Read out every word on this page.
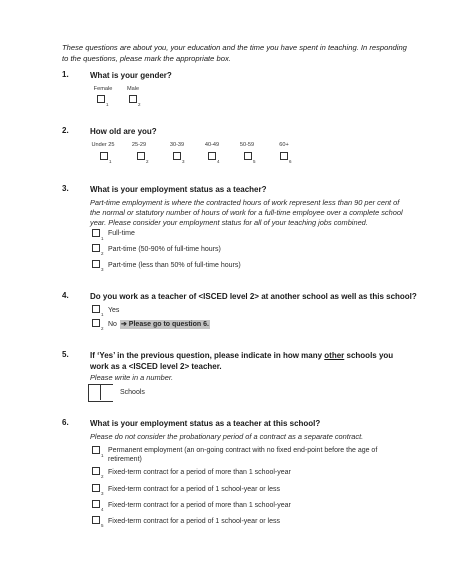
These questions are about you, your education and the time you have spent in teaching. In responding to the questions, please mark the appropriate box.
1.	What is your gender?
Female	Male
1	2
2.	How old are you?
Under 25	25-29	30-39	40-49	50-59	60+
1	2	3	4	5	6
3.	What is your employment status as a teacher?
Part-time employment is where the contracted hours of work represent less than 90 per cent of the normal or statutory number of hours of work for a full-time employee over a complete school year. Please consider your employment status for all of your teaching jobs combined.
1
Full-time
2
Part-time (50-90% of full-time hours)
3
Part-time (less than 50% of full-time hours)
4.	Do you work as a teacher of <ISCED level 2> at another school as well as this school?
1
Yes
2
No ➔ Please go to question 6.
5.	If ‘Yes’ in the previous question, please indicate in how many other schools you work as a <ISCED level 2> teacher.
Please write in a number.
Schools
6.	What is your employment status as a teacher at this school?
Please do not consider the probationary period of a contract as a separate contract.
1
Permanent employment (an on-going contract with no fixed end-point before the age of
retirement)
2
Fixed-term contract for a period of more than 1 school-year
3
Fixed-term contract for a period of 1 school-year or less
4
Fixed-term contract for a period of more than 1 school-year
5
Fixed-term contract for a period of 1 school-year or less
